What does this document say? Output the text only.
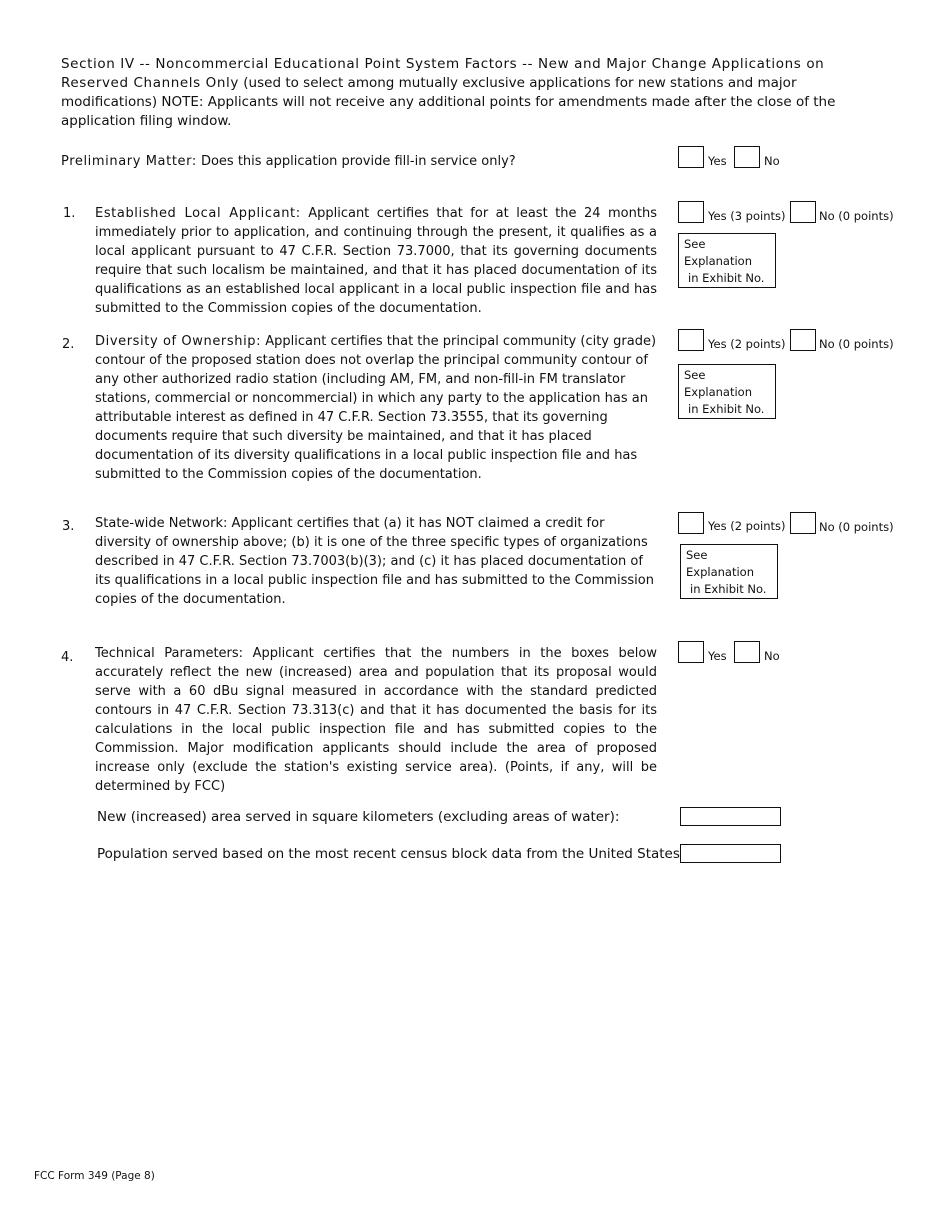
Section IV -- Noncommercial Educational Point System Factors -- New and Major Change Applications on Reserved Channels Only (used to select among mutually exclusive applications for new stations and major modifications) NOTE: Applicants will not receive any additional points for amendments made after the close of the application filing window.
Preliminary Matter: Does this application provide fill-in service only?	Yes	No
1.	Established Local Applicant: Applicant certifies that for at least the 24 months immediately prior to application, and continuing through the present, it qualifies as a local applicant pursuant to 47 C.F.R. Section 73.7000, that its governing documents require that such localism be maintained, and that it has placed documentation of its qualifications as an established local applicant in a local public inspection file and has submitted to the Commission copies of the documentation.
Yes (3 points)	No (0 points)
See Explanation
in Exhibit No.
2.	Diversity of Ownership: Applicant certifies that the principal community (city grade) contour of the proposed station does not overlap the principal community contour of any other authorized radio station (including AM, FM, and non-fill-in FM translator stations, commercial or noncommercial) in which any party to the application has an attributable interest as defined in 47 C.F.R. Section 73.3555, that its governing documents require that such diversity be maintained, and that it has placed documentation of its diversity qualifications in a local public inspection file and has submitted to the Commission copies of the documentation.
Yes (2 points)	No (0 points)
See Explanation
in Exhibit No.
3.	State-wide Network: Applicant certifies that (a) it has NOT claimed a credit for diversity of ownership above; (b) it is one of the three specific types of organizations described in 47 C.F.R. Section 73.7003(b)(3); and (c) it has placed documentation of its qualifications in a local public inspection file and has submitted to the Commission copies of the documentation.
Yes (2 points)	No (0 points)
See Explanation
in Exhibit No.
4.	Technical Parameters: Applicant certifies that the numbers in the boxes below accurately reflect the new (increased) area and population that its proposal would serve with a 60 dBu signal measured in accordance with the standard predicted contours in 47 C.F.R. Section 73.313(c) and that it has documented the basis for its calculations in the local public inspection file and has submitted copies to the Commission. Major modification applicants should include the area of proposed increase only (exclude the station's existing service area). (Points, if any, will be determined by FCC)
Yes	No
New (increased) area served in square kilometers (excluding areas of water):
Population served based on the most recent census block data from the United States
FCC Form 349 (Page 8)
